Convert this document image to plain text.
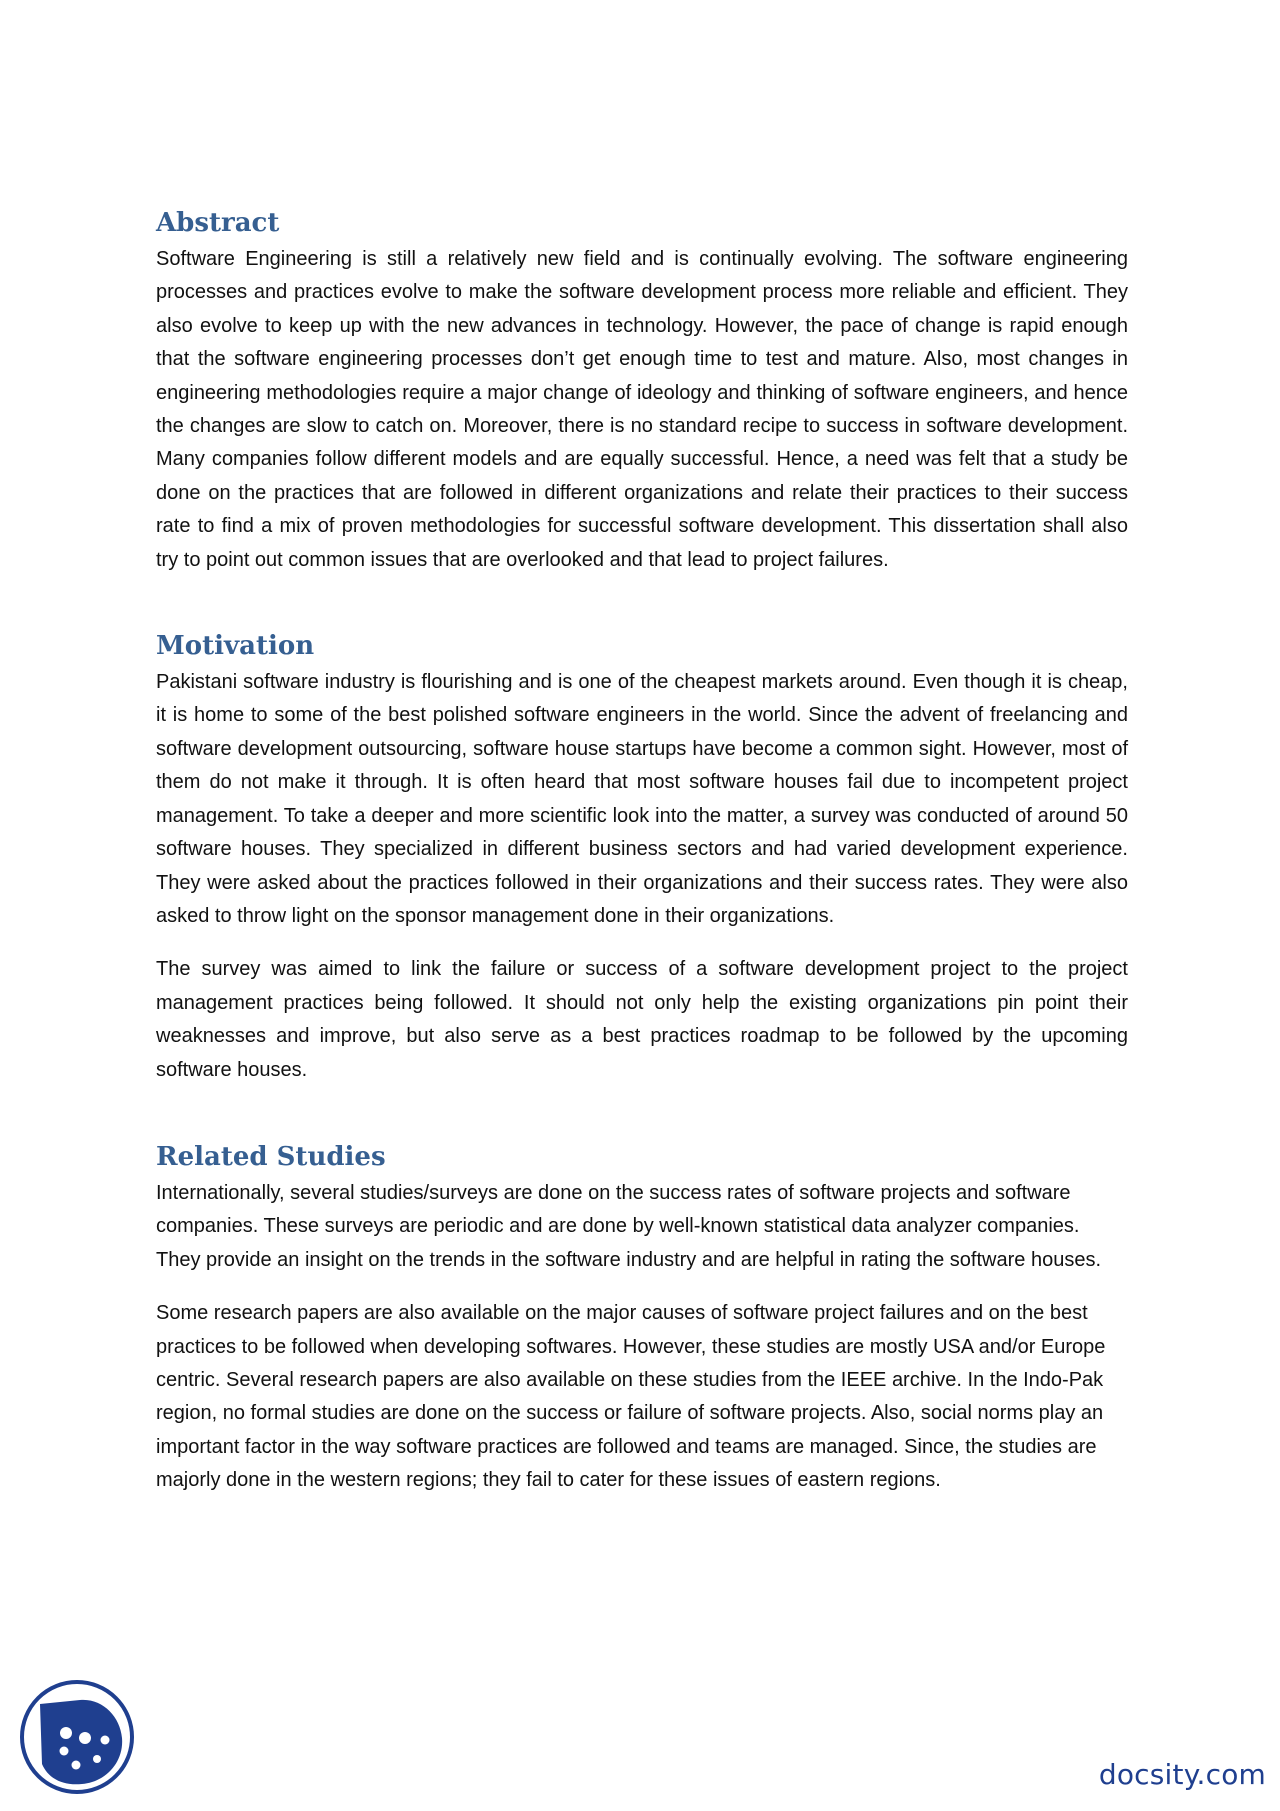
Abstract

Software Engineering is still a relatively new field and is continually evolving. The software engineering processes and practices evolve to make the software development process more reliable and efficient. They also evolve to keep up with the new advances in technology. However, the pace of change is rapid enough that the software engineering processes don’t get enough time to test and mature. Also, most changes in engineering methodologies require a major change of ideology and thinking of software engineers, and hence the changes are slow to catch on. Moreover, there is no standard recipe to success in software development. Many companies follow different models and are equally successful. Hence, a need was felt that a study be done on the practices that are followed in different organizations and relate their practices to their success rate to find a mix of proven methodologies for successful software development. This dissertation shall also try to point out common issues that are overlooked and that lead to project failures.

Motivation

Pakistani software industry is flourishing and is one of the cheapest markets around. Even though it is cheap, it is home to some of the best polished software engineers in the world. Since the advent of freelancing and software development outsourcing, software house startups have become a common sight. However, most of them do not make it through. It is often heard that most software houses fail due to incompetent project management. To take a deeper and more scientific look into the matter, a survey was conducted of around 50 software houses. They specialized in different business sectors and had varied development experience. They were asked about the practices followed in their organizations and their success rates. They were also asked to throw light on the sponsor management done in their organizations.

The survey was aimed to link the failure or success of a software development project to the project management practices being followed. It should not only help the existing organizations pin point their weaknesses and improve, but also serve as a best practices roadmap to be followed by the upcoming software houses.

Related Studies

Internationally, several studies/surveys are done on the success rates of software projects and software companies. These surveys are periodic and are done by well-known statistical data analyzer companies. They provide an insight on the trends in the software industry and are helpful in rating the software houses.

Some research papers are also available on the major causes of software project failures and on the best practices to be followed when developing softwares. However, these studies are mostly USA and/or Europe centric. Several research papers are also available on these studies from the IEEE archive. In the Indo-Pak region, no formal studies are done on the success or failure of software projects. Also, social norms play an important factor in the way software practices are followed and teams are managed. Since, the studies are majorly done in the western regions; they fail to cater for these issues of eastern regions.

docsity.com
